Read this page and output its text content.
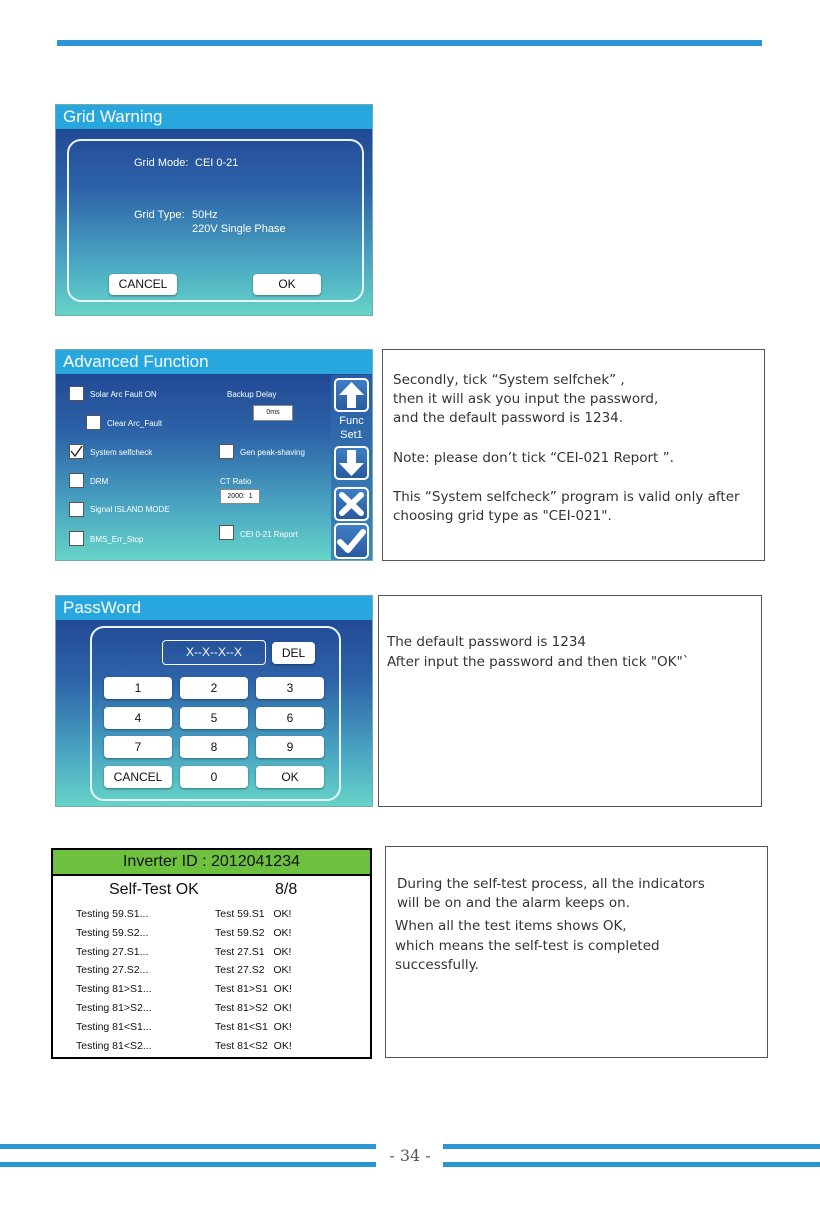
Grid Warning
Grid Mode: CEI 0-21
Grid Type: 50Hz
220V Single Phase
CANCEL	OK
Advanced Function
Solar Arc Fault ON
Clear Arc_Fault
System selfcheck
DRM
Signal ISLAND MODE
BMS_Err_Stop
Backup Delay
0ms
Gen peak-shaving
CT Ratio
2000:  1
CEI 0-21 Report
Func
Set1

Secondly, tick “System selfchek” ,

then it will ask you input the password,

and the default password is 1234.

Note: please don’t tick “CEI-021 Report ”.

This “System selfcheck” program is valid only after

choosing grid type as "CEI-021".

PassWord
X--X--X--X	DEL
1	2	3
4	5	6
7	8	9
CANCEL	0	OK

The default password is 1234

After input the password and then tick "OK"`

Inverter ID : 2012041234
Self-Test OK	8/8
Testing 59.S1...	Test 59.S1   OK!
Testing 59.S2...	Test 59.S2   OK!
Testing 27.S1...	Test 27.S1   OK!
Testing 27.S2...	Test 27.S2   OK!
Testing 81>S1...	Test 81>S1  OK!
Testing 81>S2...	Test 81>S2  OK!
Testing 81<S1...	Test 81<S1  OK!
Testing 81<S2...	Test 81<S2  OK!

During the self-test process, all the indicators

will be on and the alarm keeps on.

When all the test items shows OK,

which means the self-test is completed

successfully.

- 34 -
